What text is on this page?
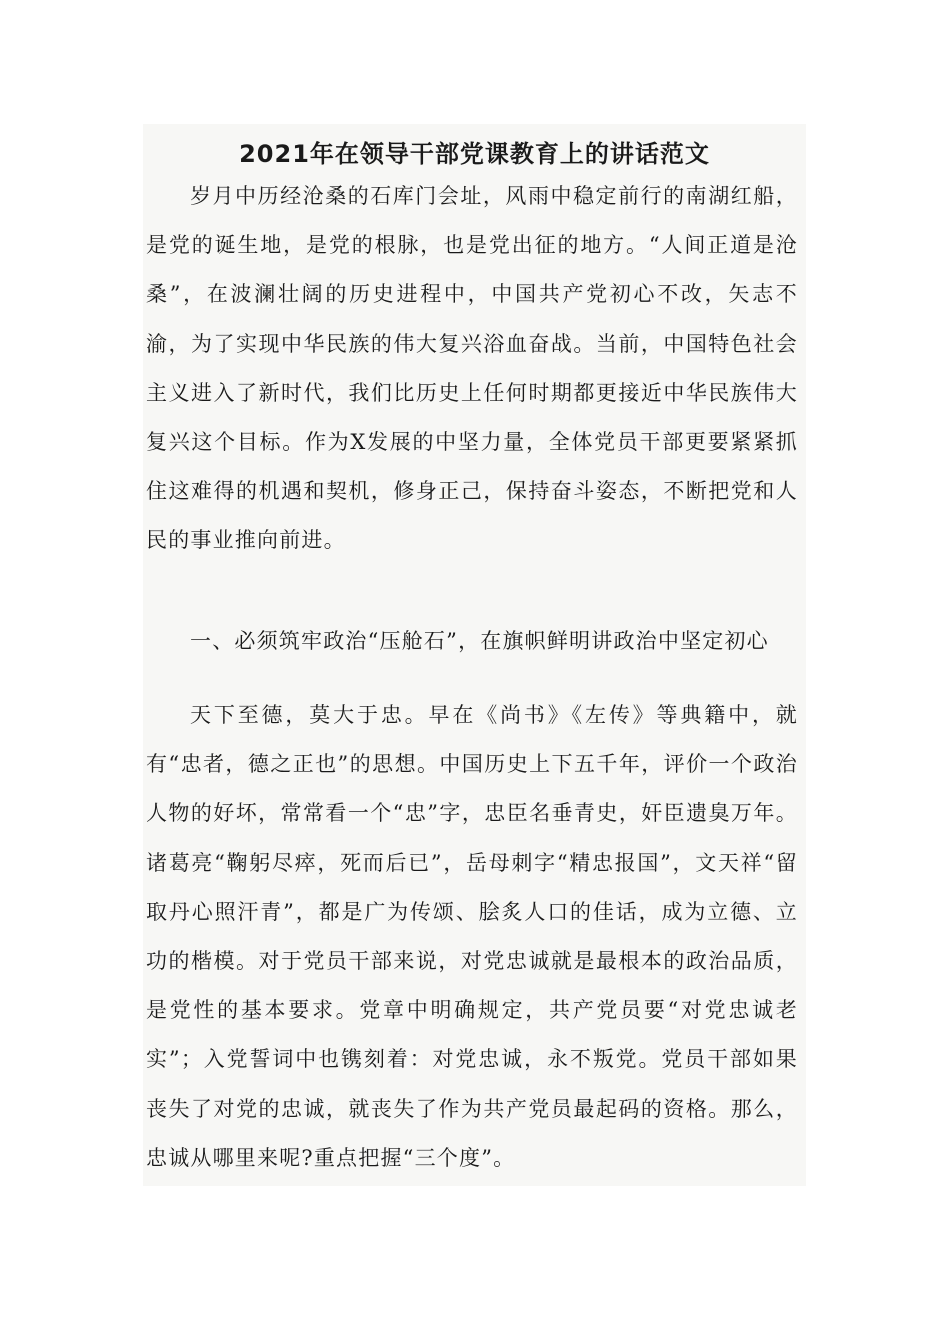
2021年在领导干部党课教育上的讲话范文

岁月中历经沧桑的石库门会址，风雨中稳定前行的南湖红船，是党的诞生地，是党的根脉，也是党出征的地方。“人间正道是沧桑”，在波澜壮阔的历史进程中，中国共产党初心不改，矢志不渝，为了实现中华民族的伟大复兴浴血奋战。当前，中国特色社会主义进入了新时代，我们比历史上任何时期都更接近中华民族伟大复兴这个目标。作为X发展的中坚力量，全体党员干部更要紧紧抓住这难得的机遇和契机，修身正己，保持奋斗姿态，不断把党和人民的事业推向前进。

一、必须筑牢政治“压舱石”，在旗帜鲜明讲政治中坚定初心

天下至德，莫大于忠。早在《尚书》《左传》等典籍中，就有“忠者，德之正也”的思想。中国历史上下五千年，评价一个政治人物的好坏，常常看一个“忠”字，忠臣名垂青史，奸臣遗臭万年。诸葛亮“鞠躬尽瘁，死而后已”，岳母刺字“精忠报国”，文天祥“留取丹心照汗青”，都是广为传颂、脍炙人口的佳话，成为立德、立功的楷模。对于党员干部来说，对党忠诚就是最根本的政治品质，是党性的基本要求。党章中明确规定，共产党员要“对党忠诚老实”；入党誓词中也镌刻着：对党忠诚，永不叛党。党员干部如果丧失了对党的忠诚，就丧失了作为共产党员最起码的资格。那么，忠诚从哪里来呢?重点把握“三个度”。
